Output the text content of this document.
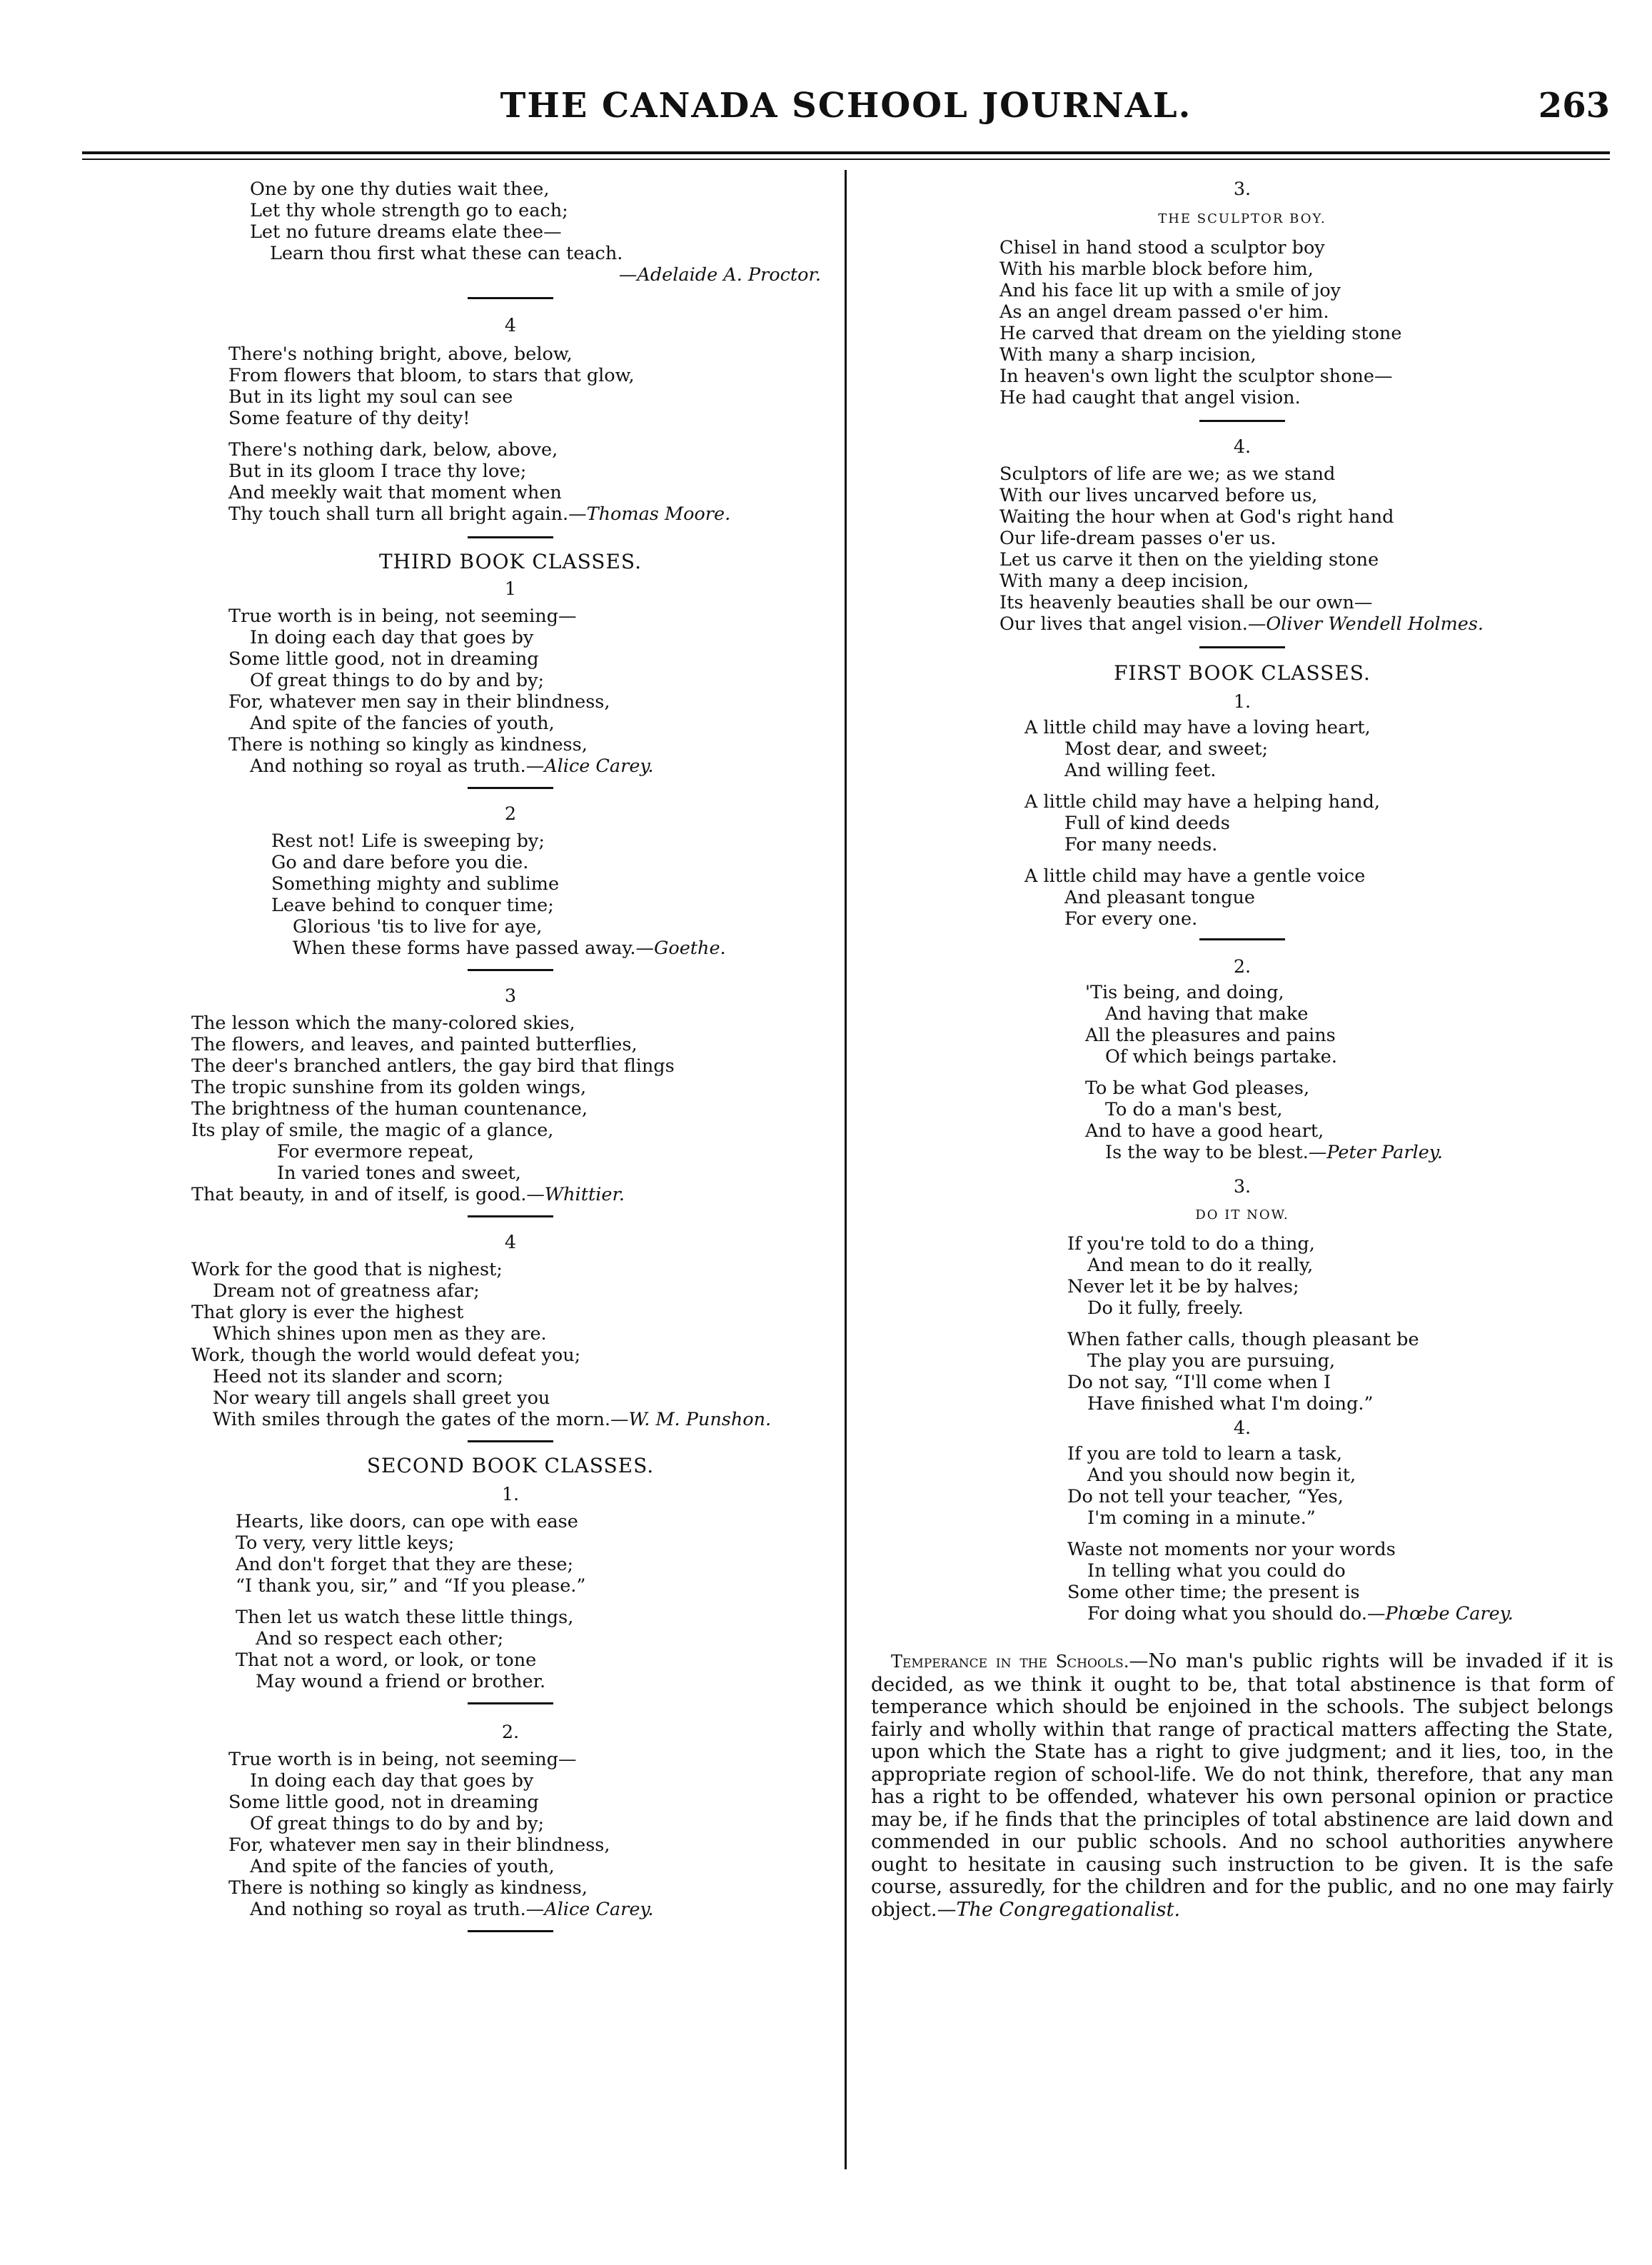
THE CANADA SCHOOL JOURNAL.	263
One by one thy duties wait thee,
Let thy whole strength go to each;
Let no future dreams elate thee—
Learn thou first what these can teach.
—Adelaide A. Proctor.
4
There's nothing bright, above, below,
From flowers that bloom, to stars that glow,
But in its light my soul can see
Some feature of thy deity!
There's nothing dark, below, above,
But in its gloom I trace thy love;
And meekly wait that moment when
Thy touch shall turn all bright again.—Thomas Moore.
THIRD BOOK CLASSES.
1
True worth is in being, not seeming—
In doing each day that goes by
Some little good, not in dreaming
Of great things to do by and by;
For, whatever men say in their blindness,
And spite of the fancies of youth,
There is nothing so kingly as kindness,
And nothing so royal as truth.—Alice Carey.
2
Rest not! Life is sweeping by;
Go and dare before you die.
Something mighty and sublime
Leave behind to conquer time;
Glorious 'tis to live for aye,
When these forms have passed away.—Goethe.
3
The lesson which the many-colored skies,
The flowers, and leaves, and painted butterflies,
The deer's branched antlers, the gay bird that flings
The tropic sunshine from its golden wings,
The brightness of the human countenance,
Its play of smile, the magic of a glance,
For evermore repeat,
In varied tones and sweet,
That beauty, in and of itself, is good.—Whittier.
4
Work for the good that is nighest;
Dream not of greatness afar;
That glory is ever the highest
Which shines upon men as they are.
Work, though the world would defeat you;
Heed not its slander and scorn;
Nor weary till angels shall greet you
With smiles through the gates of the morn.—W. M. Punshon.
SECOND BOOK CLASSES.
1.
Hearts, like doors, can ope with ease
To very, very little keys;
And don't forget that they are these;
“I thank you, sir,” and “If you please.”
Then let us watch these little things,
And so respect each other;
That not a word, or look, or tone
May wound a friend or brother.
2.
True worth is in being, not seeming—
In doing each day that goes by
Some little good, not in dreaming
Of great things to do by and by;
For, whatever men say in their blindness,
And spite of the fancies of youth,
There is nothing so kingly as kindness,
And nothing so royal as truth.—Alice Carey.
3.
THE SCULPTOR BOY.
Chisel in hand stood a sculptor boy
With his marble block before him,
And his face lit up with a smile of joy
As an angel dream passed o'er him.
He carved that dream on the yielding stone
With many a sharp incision,
In heaven's own light the sculptor shone—
He had caught that angel vision.
4.
Sculptors of life are we; as we stand
With our lives uncarved before us,
Waiting the hour when at God's right hand
Our life-dream passes o'er us.
Let us carve it then on the yielding stone
With many a deep incision,
Its heavenly beauties shall be our own—
Our lives that angel vision.—Oliver Wendell Holmes.
FIRST BOOK CLASSES.
1.
A little child may have a loving heart,
Most dear, and sweet;
And willing feet.
A little child may have a helping hand,
Full of kind deeds
For many needs.
A little child may have a gentle voice
And pleasant tongue
For every one.
2.
'Tis being, and doing,
And having that make
All the pleasures and pains
Of which beings partake.
To be what God pleases,
To do a man's best,
And to have a good heart,
Is the way to be blest.—Peter Parley.
3.
DO IT NOW.
If you're told to do a thing,
And mean to do it really,
Never let it be by halves;
Do it fully, freely.
When father calls, though pleasant be
The play you are pursuing,
Do not say, “I'll come when I
Have finished what I'm doing.”
4.
If you are told to learn a task,
And you should now begin it,
Do not tell your teacher, “Yes,
I'm coming in a minute.”
Waste not moments nor your words
In telling what you could do
Some other time; the present is
For doing what you should do.—Phœbe Carey.
Temperance in the Schools.—No man's public rights will be invaded if it is decided, as we think it ought to be, that total abstinence is that form of temperance which should be enjoined in the schools. The subject belongs fairly and wholly within that range of practical matters affecting the State, upon which the State has a right to give judgment; and it lies, too, in the appropriate region of school-life. We do not think, therefore, that any man has a right to be offended, whatever his own personal opinion or practice may be, if he finds that the principles of total abstinence are laid down and commended in our public schools. And no school authorities anywhere ought to hesitate in causing such instruction to be given. It is the safe course, assuredly, for the children and for the public, and no one may fairly object.—The Congregationalist.
